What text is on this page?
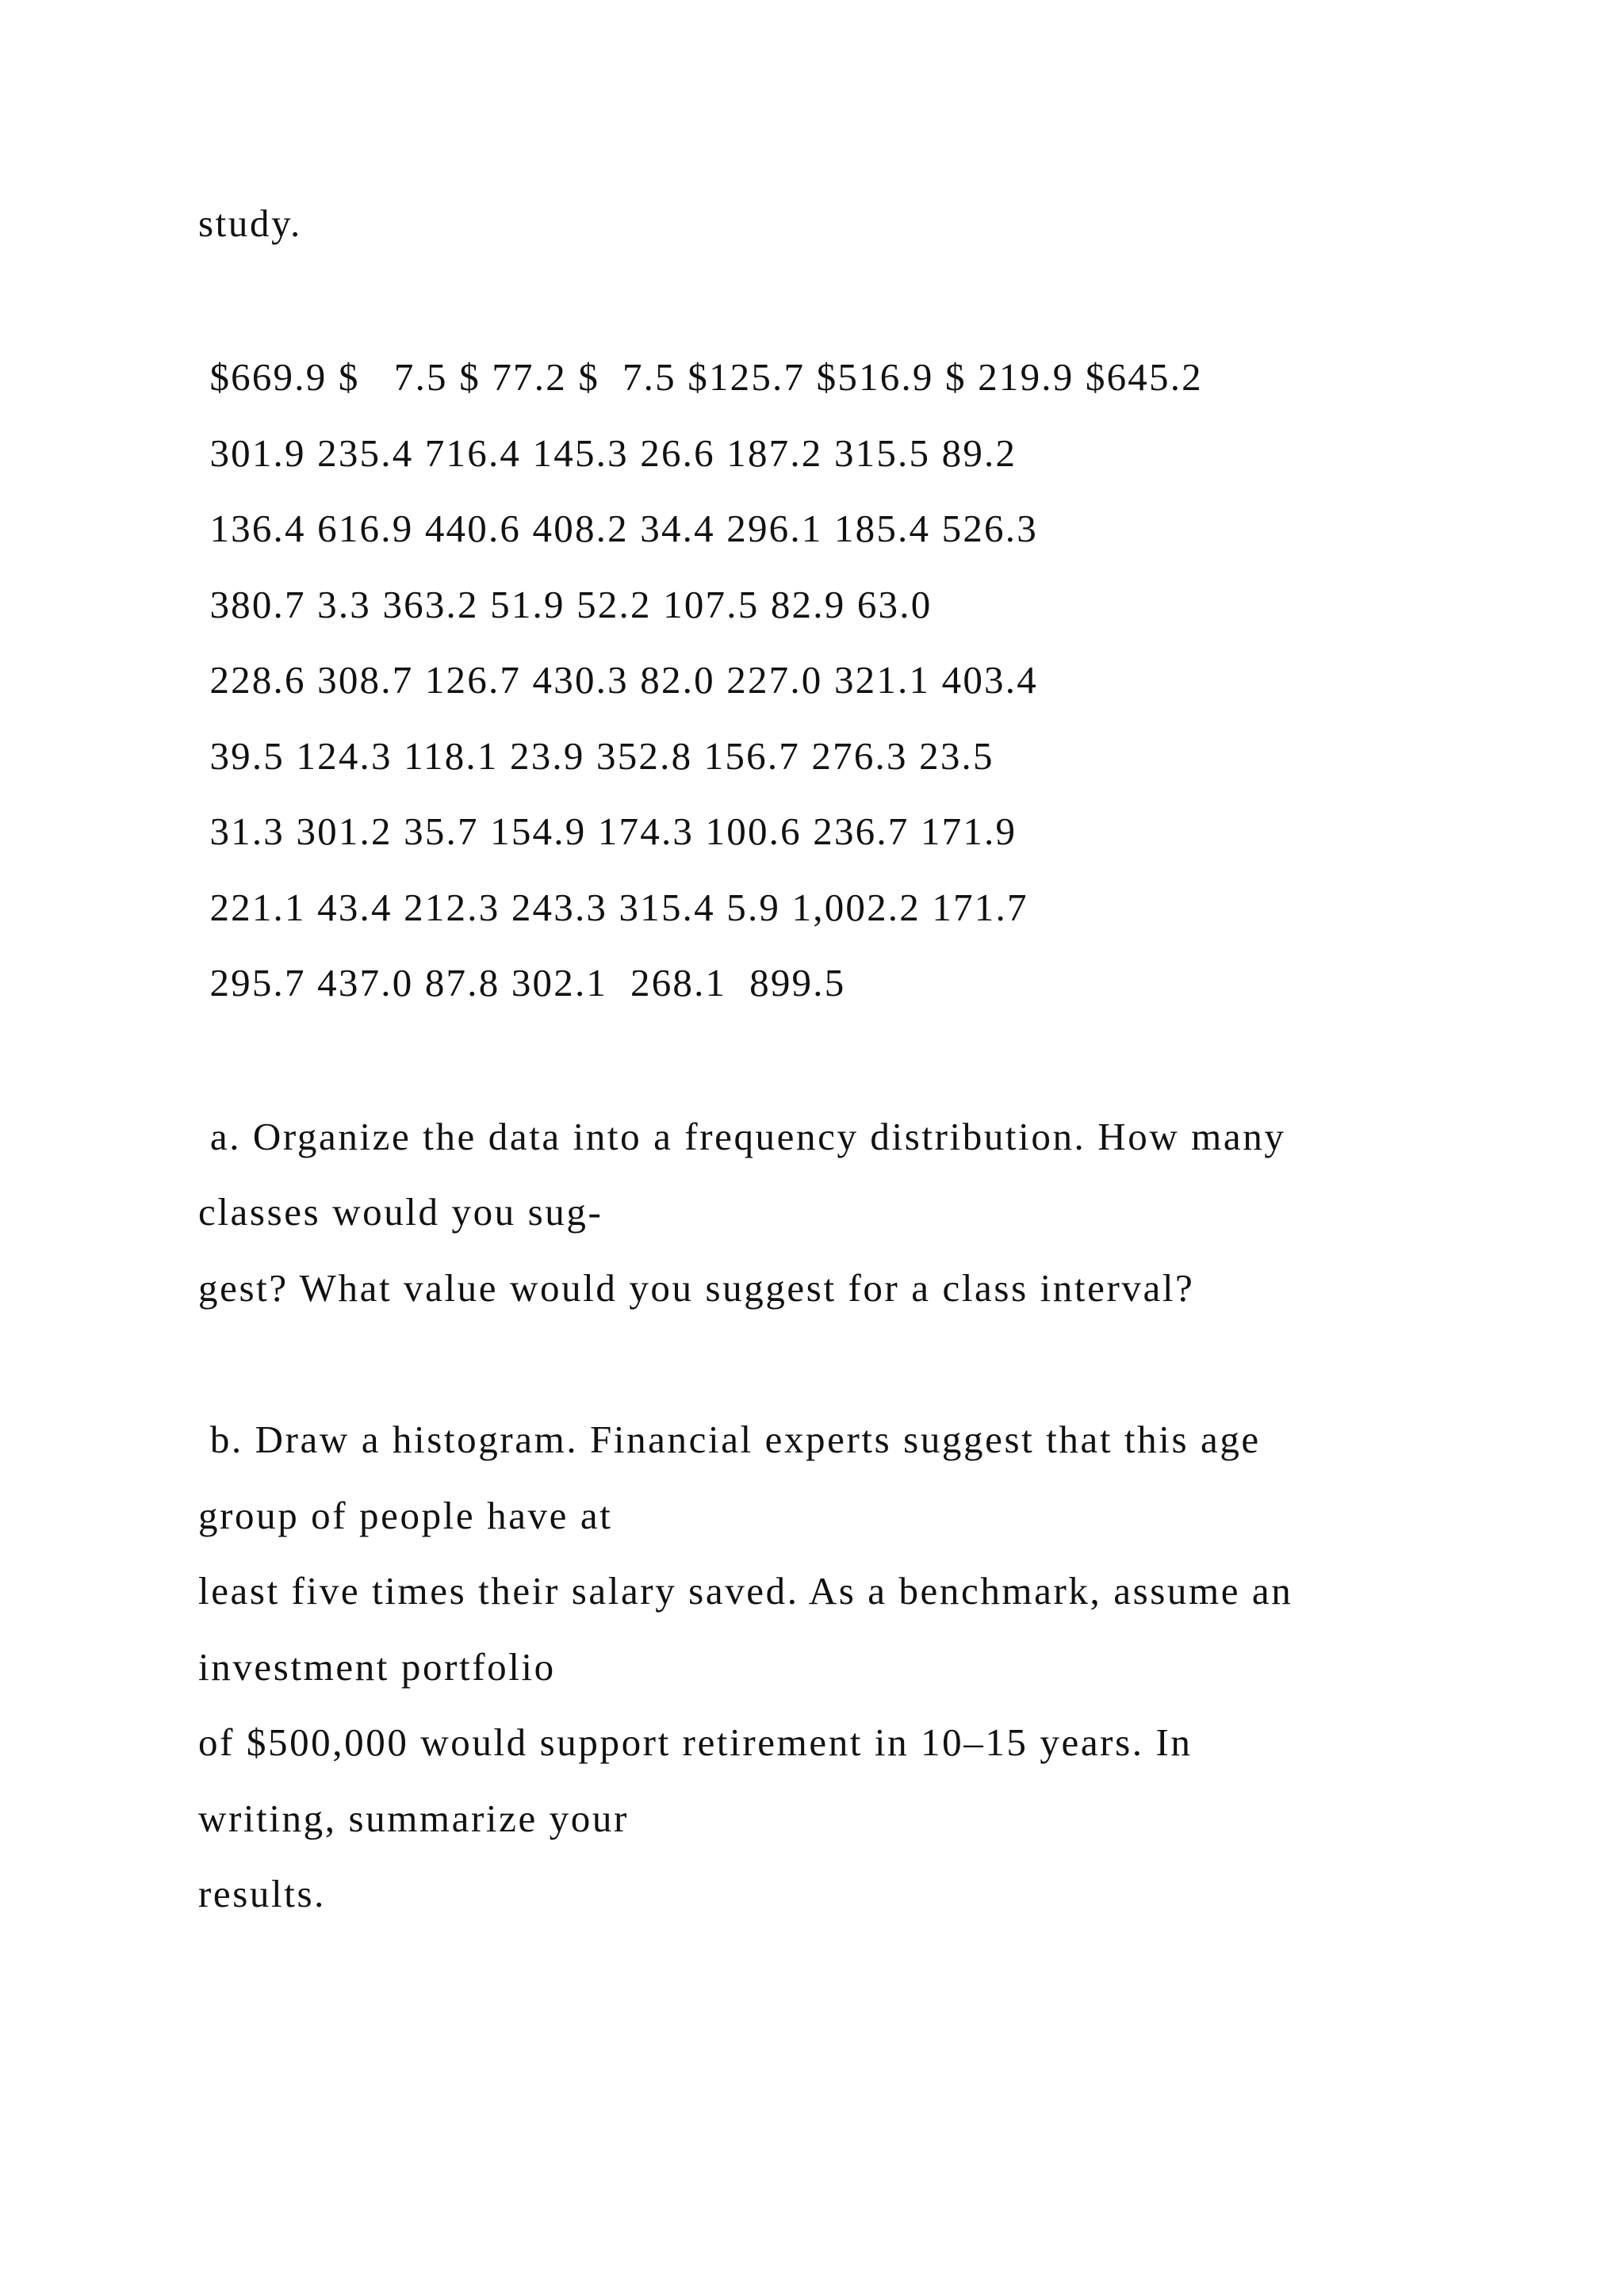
study.

$669.9 $   7.5 $ 77.2 $  7.5 $125.7 $516.9 $ 219.9 $645.2

301.9 235.4 716.4 145.3 26.6 187.2 315.5 89.2

136.4 616.9 440.6 408.2 34.4 296.1 185.4 526.3

380.7 3.3 363.2 51.9 52.2 107.5 82.9 63.0

228.6 308.7 126.7 430.3 82.0 227.0 321.1 403.4

39.5 124.3 118.1 23.9 352.8 156.7 276.3 23.5

31.3 301.2 35.7 154.9 174.3 100.6 236.7 171.9

221.1 43.4 212.3 243.3 315.4 5.9 1,002.2 171.7

295.7 437.0 87.8 302.1  268.1  899.5

a. Organize the data into a frequency distribution. How many

classes would you sug-

gest? What value would you suggest for a class interval?

b. Draw a histogram. Financial experts suggest that this age

group of people have at

least five times their salary saved. As a benchmark, assume an

investment portfolio

of $500,000 would support retirement in 10–15 years. In

writing, summarize your

results.
